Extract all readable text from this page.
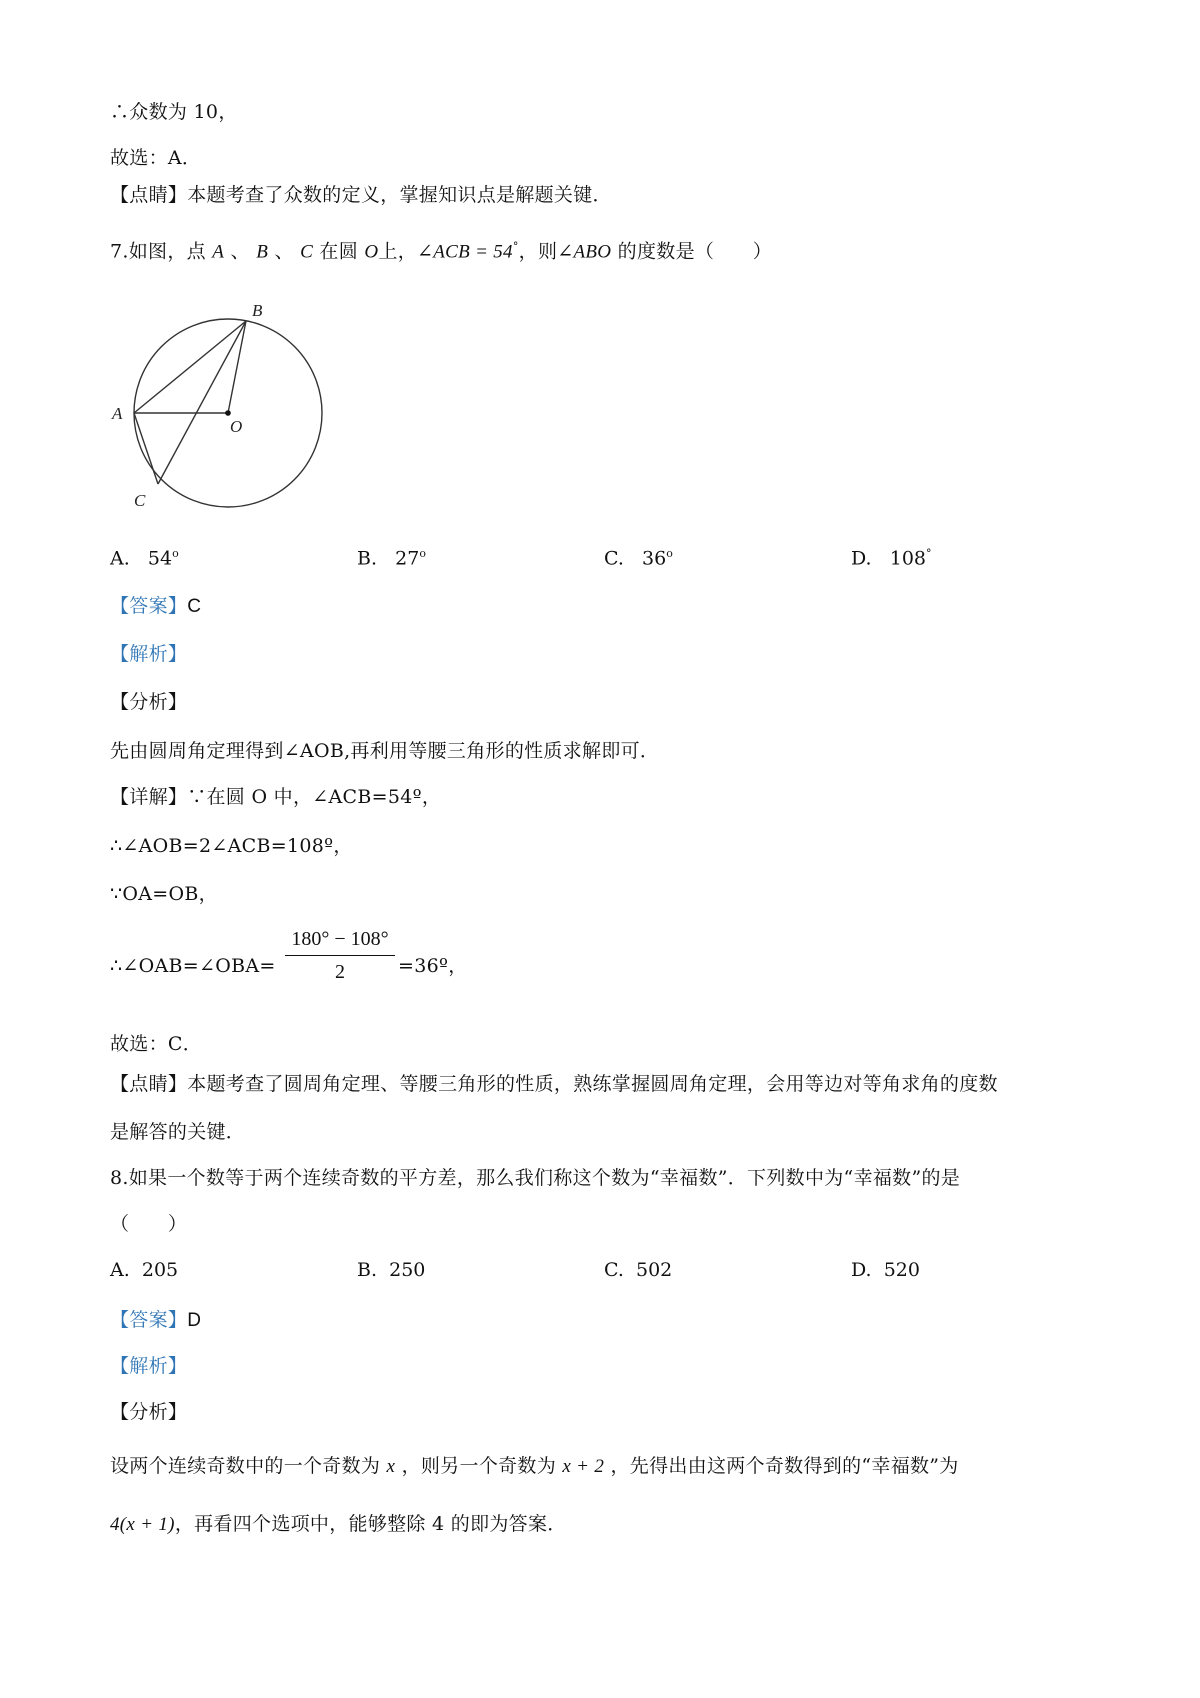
∴众数为 10，
故选：A．
【点睛】本题考查了众数的定义，掌握知识点是解题关键．
7.如图，点 A 、 B 、 C 在圆 O上，∠ACB = 54°，则∠ABO 的度数是（　　）
B
A
O
C
A. 54$^o$	B. 27$^o$	C. 36$^o$	D. 108°
【答案】C
【解析】
【分析】
先由圆周角定理得到∠AOB,再利用等腰三角形的性质求解即可．
【详解】∵在圆 O 中，∠ACB=54º，
∴∠AOB=2∠ACB=108º，
∵OA=OB，
∴∠OAB=∠OBA=
180° − 108°
2	=36º，
故选：C．
【点睛】本题考查了圆周角定理、等腰三角形的性质，熟练掌握圆周角定理，会用等边对等角求角的度数
是解答的关键．
8.如果一个数等于两个连续奇数的平方差，那么我们称这个数为“幸福数”．下列数中为“幸福数”的是
（　　）
A. 205	B. 250	C. 502	D. 520
【答案】D
【解析】
【分析】
设两个连续奇数中的一个奇数为 x ，则另一个奇数为 x + 2 ，先得出由这两个奇数得到的“幸福数”为
4(x + 1)，再看四个选项中，能够整除 4 的即为答案．
